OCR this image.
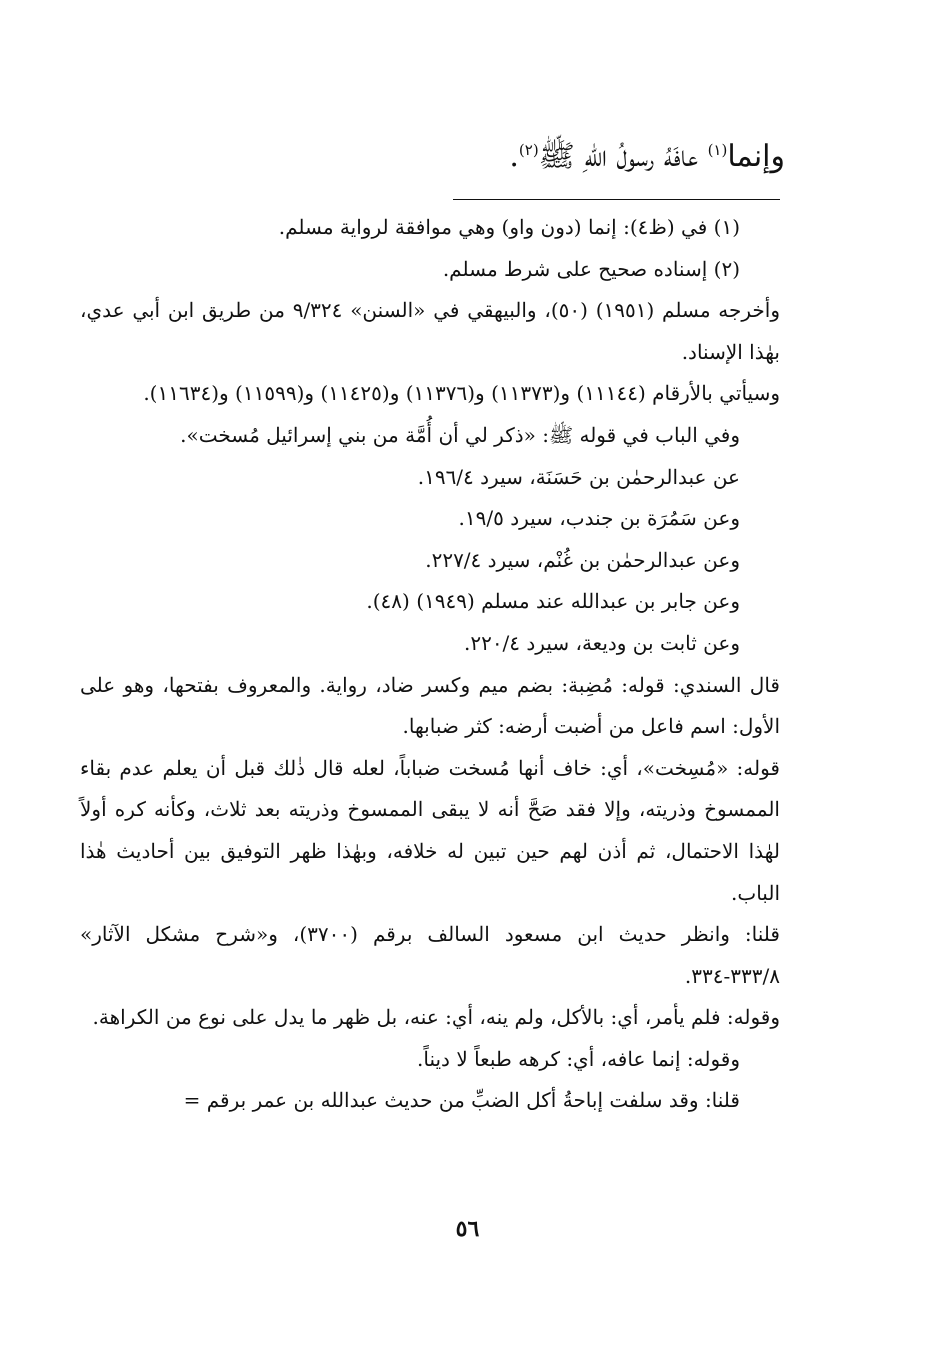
وإنما$^{(١)}$ عافَهُ رسولُ اللهِ ﷺ$^{(٢)}$.

(١) في (ظ٤): إنما (دون واو) وهي موافقة لرواية مسلم.

(٢) إسناده صحيح على شرط مسلم.

وأخرجه مسلم (١٩٥١) (٥٠)، والبيهقي في «السنن» ٩/٣٢٤ من طريق ابن أبي عدي، بهٰذا الإسناد.

وسيأتي بالأرقام (١١١٤٤) و(١١٣٧٣) و(١١٣٧٦) و(١١٤٢٥) و(١١٥٩٩) و(١١٦٣٤).

وفي الباب في قوله ﷺ: «ذكر لي أن أُمَّة من بني إسرائيل مُسخت».

عن عبدالرحمٰن بن حَسَنَة، سيرد ١٩٦/٤.

وعن سَمُرَة بن جندب، سيرد ١٩/٥.

وعن عبدالرحمٰن بن غُنْم، سيرد ٢٢٧/٤.

وعن جابر بن عبدالله عند مسلم (١٩٤٩) (٤٨).

وعن ثابت بن وديعة، سيرد ٢٢٠/٤.

قال السندي: قوله: مُضِبة: بضم ميم وكسر ضاد، رواية. والمعروف بفتحها، وهو على الأول: اسم فاعل من أضبت أرضه: كثر ضبابها.

قوله: «مُسِخت»، أي: خاف أنها مُسخت ضباباً، لعله قال ذٰلك قبل أن يعلم عدم بقاء الممسوخ وذريته، وإلا فقد صَحَّ أنه لا يبقى الممسوخ وذريته بعد ثلاث، وكأنه كره أولاً لهٰذا الاحتمال، ثم أذن لهم حين تبين له خلافه، وبهٰذا ظهر التوفيق بين أحاديث هٰذا الباب.

قلنا: وانظر حديث ابن مسعود السالف برقم (٣٧٠٠)، و«شرح مشكل الآثار» ٣٣٣/٨-٣٣٤.

وقوله: فلم يأمر، أي: بالأكل، ولم ينه، أي: عنه، بل ظهر ما يدل على نوع من الكراهة.

وقوله: إنما عافه، أي: كرهه طبعاً لا ديناً.

قلنا: وقد سلفت إباحةُ أكل الضبِّ من حديث عبدالله بن عمر برقم =

٥٦
